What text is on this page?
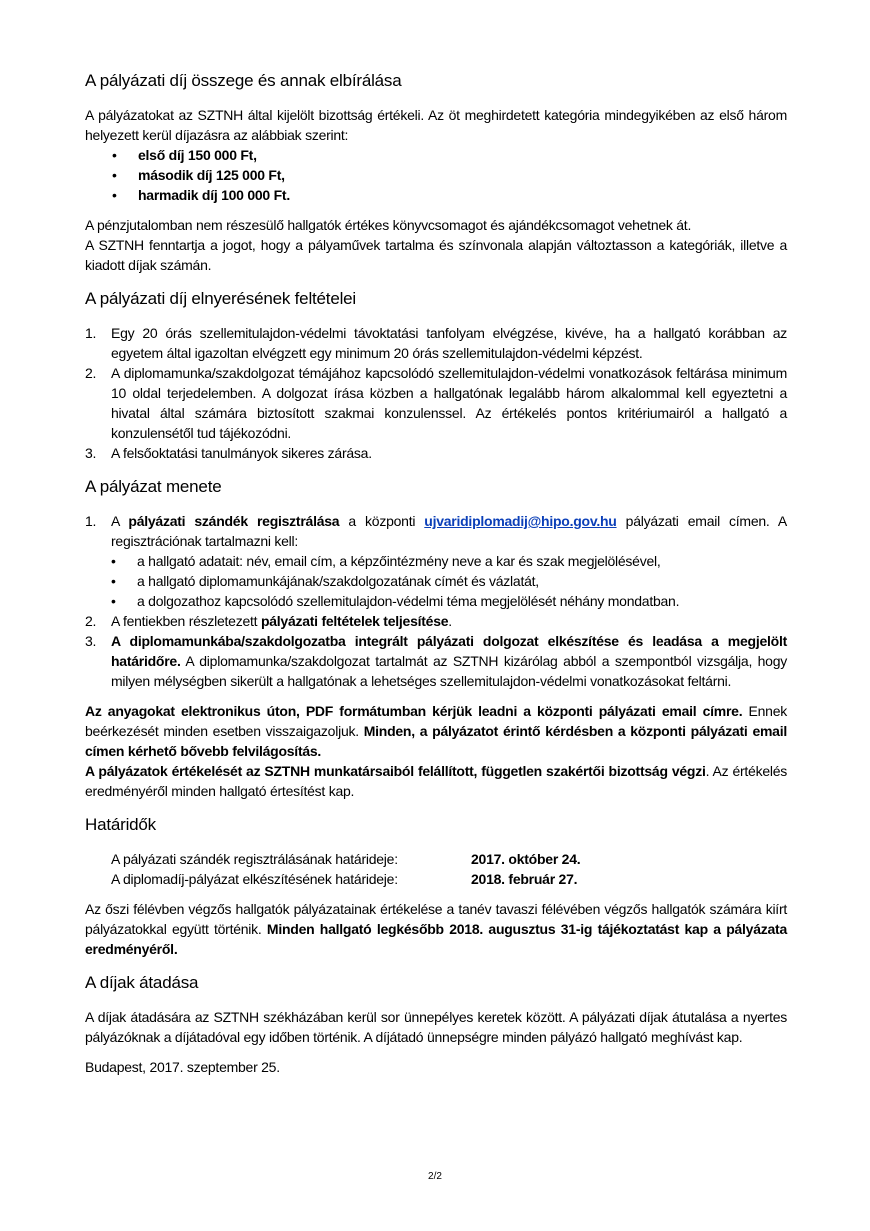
A pályázati díj összege és annak elbírálása

A pályázatokat az SZTNH által kijelölt bizottság értékeli. Az öt meghirdetett kategória mindegyikében az első három helyezett kerül díjazásra az alábbiak szerint:

• első díj 150 000 Ft,
• második díj 125 000 Ft,
• harmadik díj 100 000 Ft.

A pénzjutalomban nem részesülő hallgatók értékes könyvcsomagot és ajándékcsomagot vehetnek át.

A SZTNH fenntartja a jogot, hogy a pályaművek tartalma és színvonala alapján változtasson a kategóriák, illetve a kiadott díjak számán.

A pályázati díj elnyerésének feltételei
1. Egy 20 órás szellemitulajdon-védelmi távoktatási tanfolyam elvégzése, kivéve, ha a hallgató korábban az egyetem által igazoltan elvégzett egy minimum 20 órás szellemitulajdon-védelmi képzést.
2. A diplomamunka/szakdolgozat témájához kapcsolódó szellemitulajdon-védelmi vonatkozások feltárása minimum 10 oldal terjedelemben. A dolgozat írása közben a hallgatónak legalább három alkalommal kell egyeztetni a hivatal által számára biztosított szakmai konzulenssel. Az értékelés pontos kritériumairól a hallgató a konzulensétől tud tájékozódni.
3. A felsőoktatási tanulmányok sikeres zárása.
A pályázat menete
1. A pályázati szándék regisztrálása a központi ujvaridiplomadij@hipo.gov.hu pályázati email címen. A regisztrációnak tartalmazni kell:
• a hallgató adatait: név, email cím, a képzőintézmény neve a kar és szak megjelölésével,
• a hallgató diplomamunkájának/szakdolgozatának címét és vázlatát,
• a dolgozathoz kapcsolódó szellemitulajdon-védelmi téma megjelölését néhány mondatban.
2. A fentiekben részletezett pályázati feltételek teljesítése.
3. A diplomamunkába/szakdolgozatba integrált pályázati dolgozat elkészítése és leadása a megjelölt határidőre. A diplomamunka/szakdolgozat tartalmát az SZTNH kizárólag abból a szempontból vizsgálja, hogy milyen mélységben sikerült a hallgatónak a lehetséges szellemitulajdon-védelmi vonatkozásokat feltárni.

Az anyagokat elektronikus úton, PDF formátumban kérjük leadni a központi pályázati email címre. Ennek beérkezését minden esetben visszaigazoljuk. Minden, a pályázatot érintő kérdésben a központi pályázati email címen kérhető bővebb felvilágosítás.

A pályázatok értékelését az SZTNH munkatársaiból felállított, független szakértői bizottság végzi. Az értékelés eredményéről minden hallgató értesítést kap.

Határidők
A pályázati szándék regisztrálásának határideje:	2017. október 24.
A diplomadíj-pályázat elkészítésének határideje:	2018. február 27.

Az őszi félévben végzős hallgatók pályázatainak értékelése a tanév tavaszi félévében végzős hallgatók számára kiírt pályázatokkal együtt történik. Minden hallgató legkésőbb 2018. augusztus 31-ig tájékoztatást kap a pályázata eredményéről.

A díjak átadása

A díjak átadására az SZTNH székházában kerül sor ünnepélyes keretek között. A pályázati díjak átutalása a nyertes pályázóknak a díjátadóval egy időben történik. A díjátadó ünnepségre minden pályázó hallgató meghívást kap.

Budapest, 2017. szeptember 25.

2/2
